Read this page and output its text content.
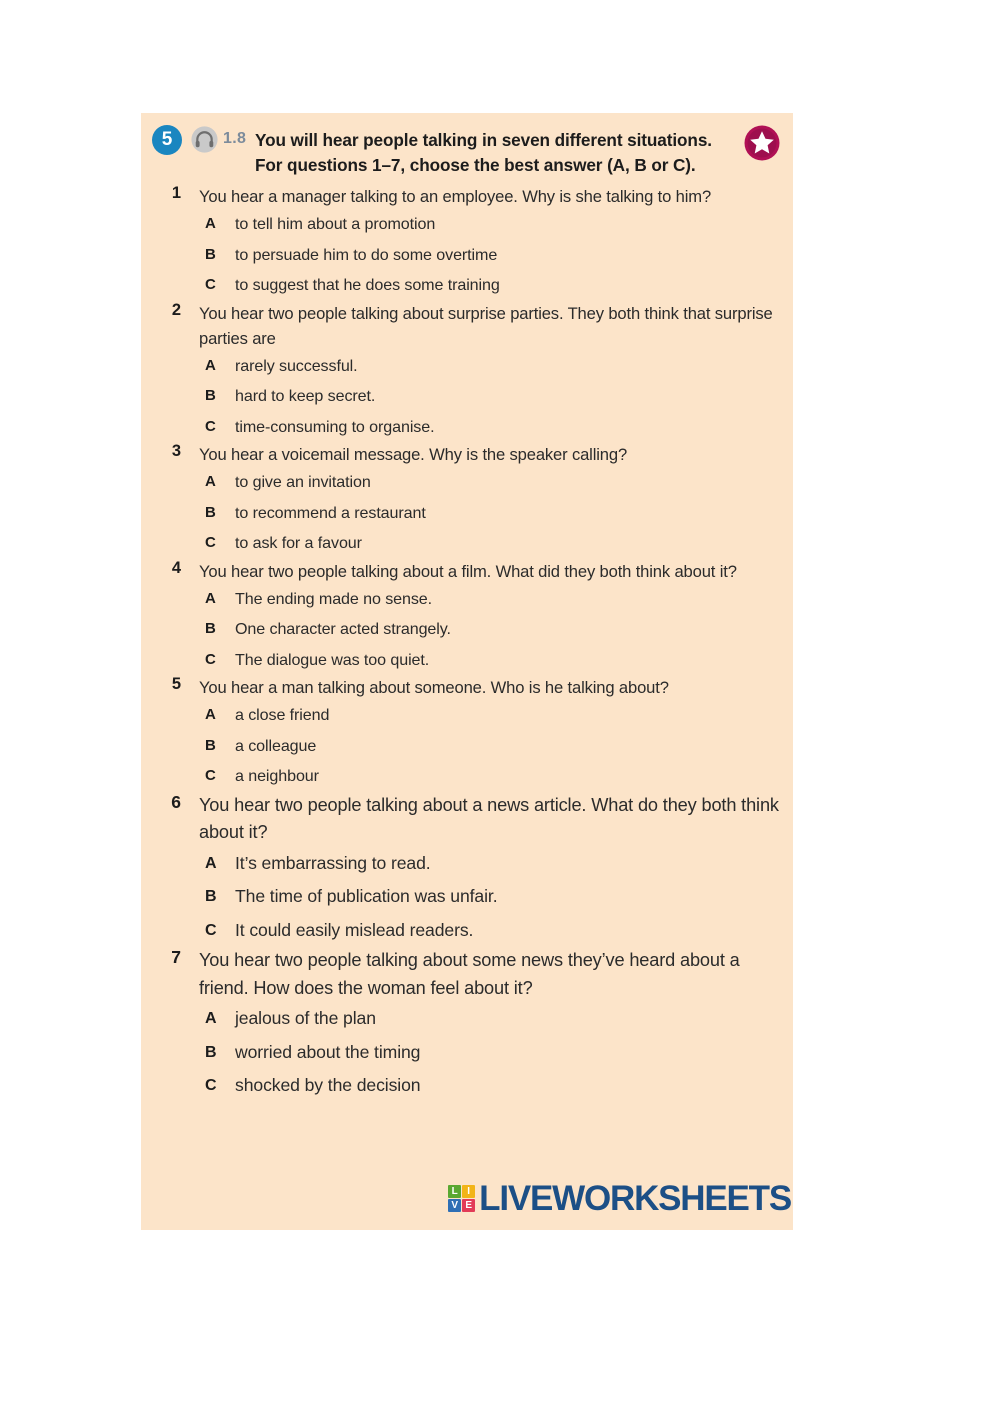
5	1.8 You will hear people talking in seven different situations. For questions 1–7, choose the best answer (A, B or C).

1 You hear a manager talking to an employee. Why is she talking to him?

A to tell him about a promotion
B to persuade him to do some overtime
C to suggest that he does some training
2 You hear two people talking about surprise parties. They both think that surprise parties are

A rarely successful.
B hard to keep secret.
C time-consuming to organise.
3 You hear a voicemail message. Why is the speaker calling?

A to give an invitation
B to recommend a restaurant
C to ask for a favour
4 You hear two people talking about a film. What did they both think about it?

A The ending made no sense.
B One character acted strangely.
C The dialogue was too quiet.
5 You hear a man talking about someone. Who is he talking about?

A a close friend
B a colleague
C a neighbour
6 You hear two people talking about a news article. What do they both think about it?

A It’s embarrassing to read.
B The time of publication was unfair.
C It could easily mislead readers.
7 You hear two people talking about some news they’ve heard about a friend. How does the woman feel about it?

A jealous of the plan
B worried about the timing
C shocked by the decision
L I
V E LIVEWORKSHEETS
